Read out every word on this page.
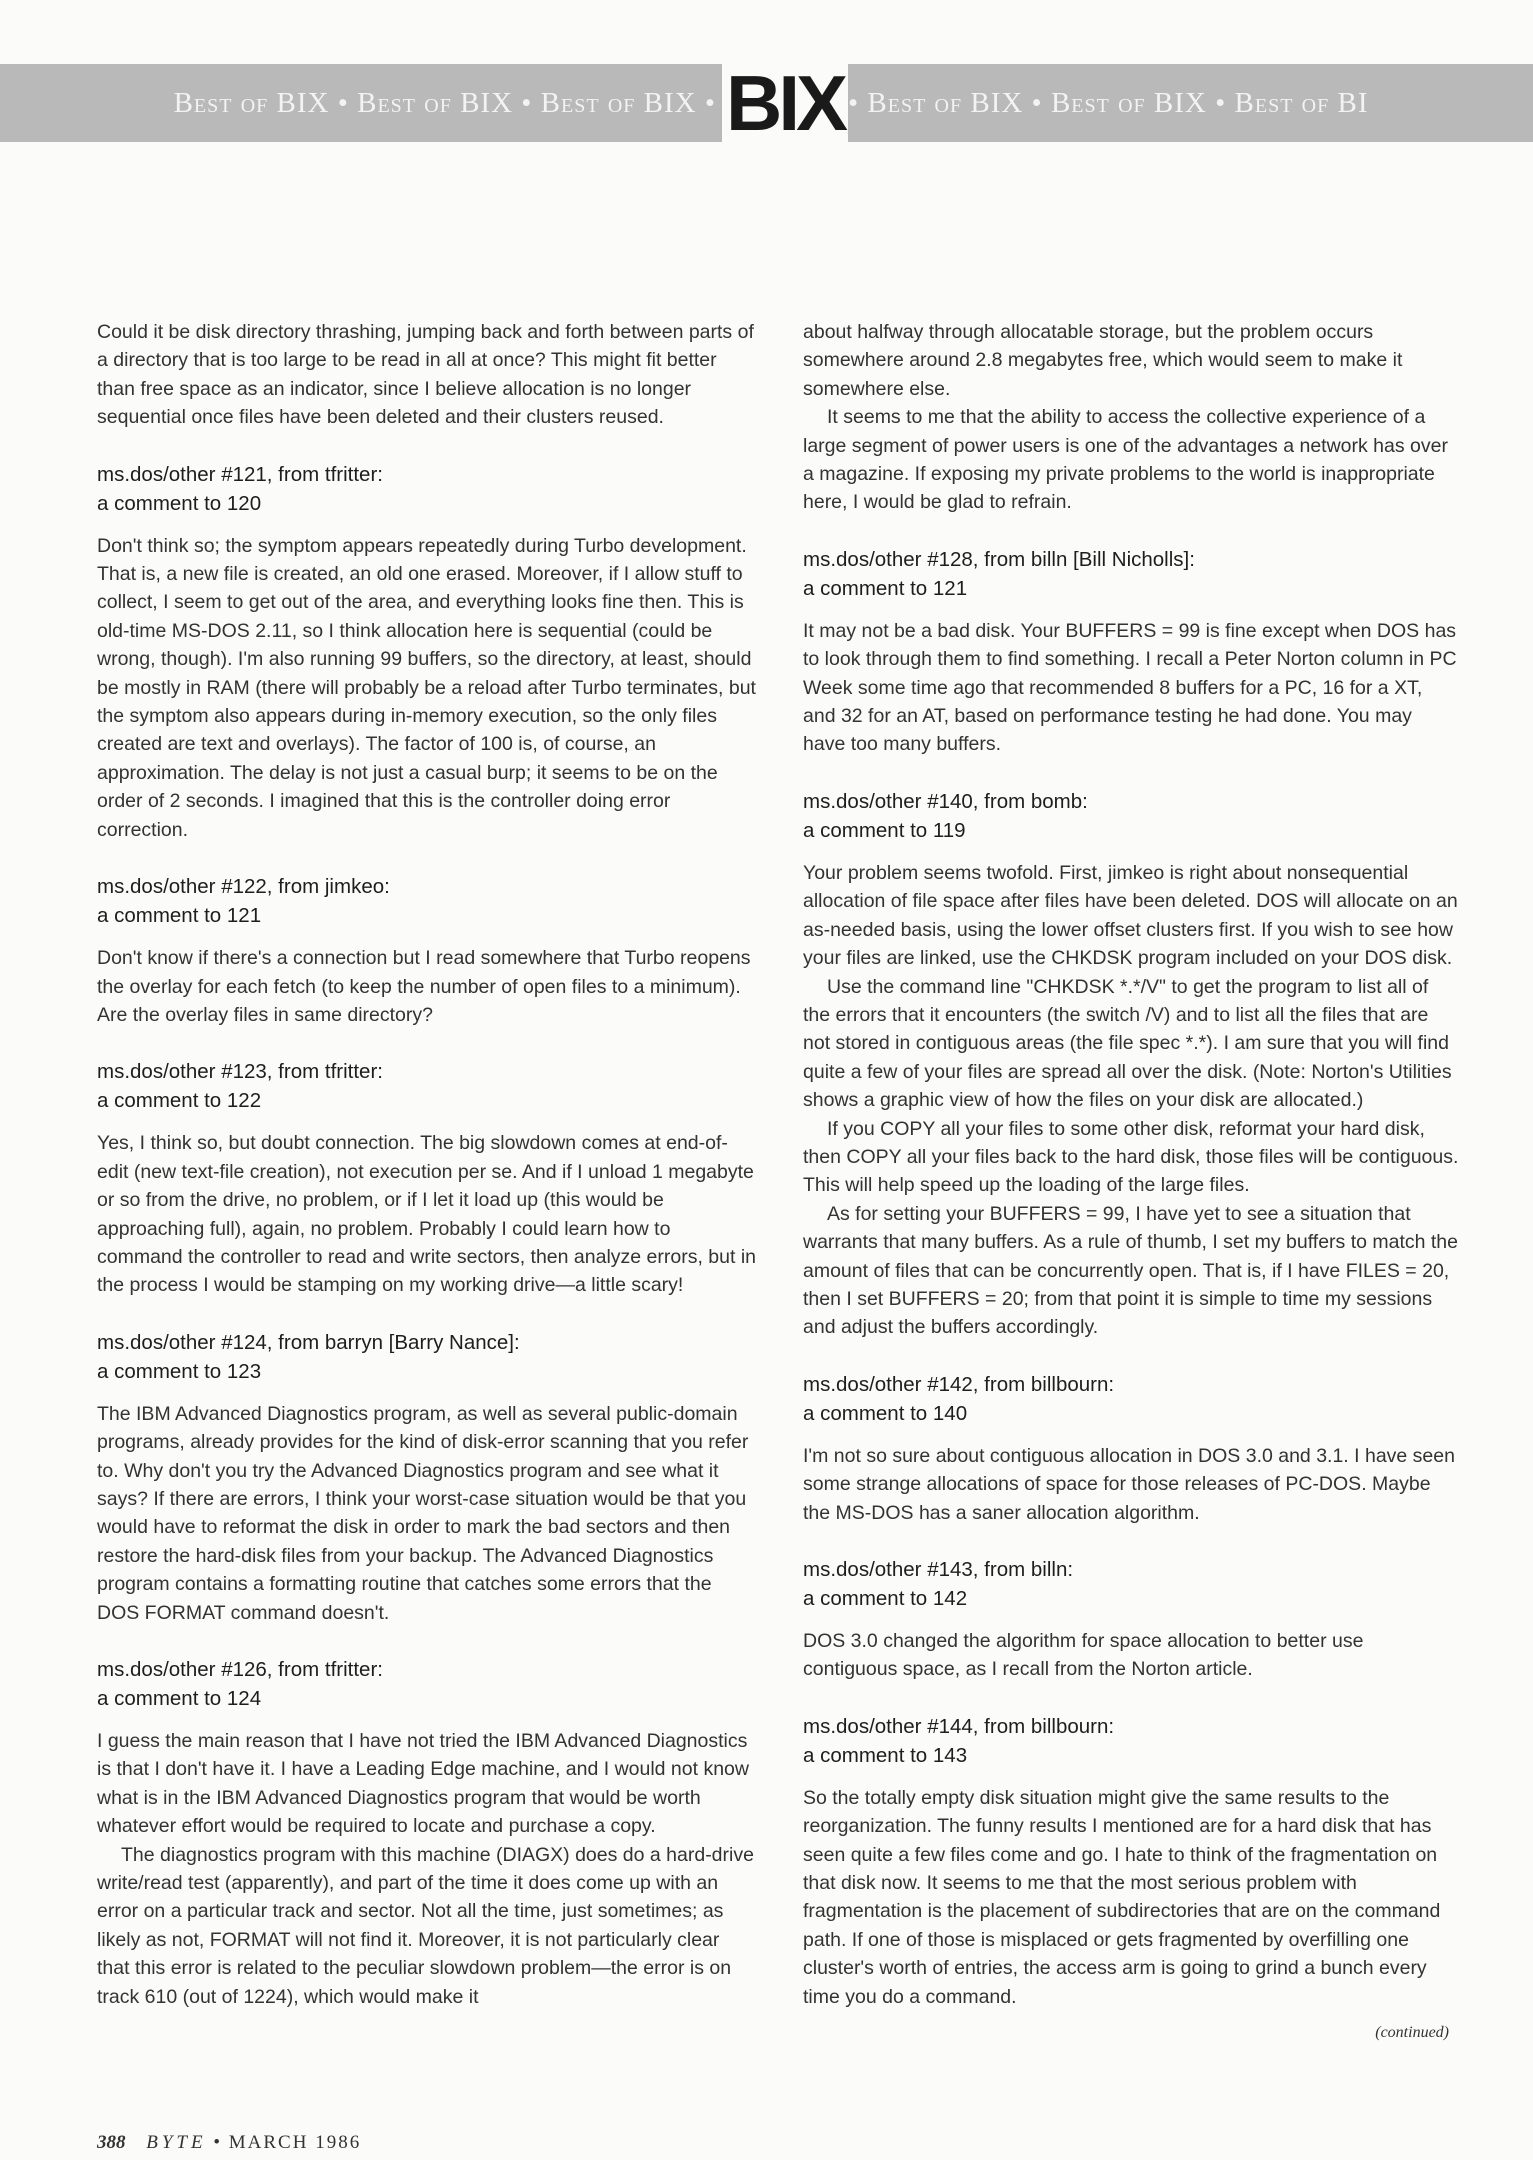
Best of BIX • Best of BIX • Best of BIX • BIX • Best of BIX • Best of BIX • Best of BI

Could it be disk directory thrashing, jumping back and forth between parts of a directory that is too large to be read in all at once? This might fit better than free space as an indicator, since I believe allocation is no longer sequential once files have been deleted and their clusters reused.

ms.dos/other #121, from tfritter:
a comment to 120

Don't think so; the symptom appears repeatedly during Turbo development. That is, a new file is created, an old one erased. Moreover, if I allow stuff to collect, I seem to get out of the area, and everything looks fine then. This is old-time MS-DOS 2.11, so I think allocation here is sequential (could be wrong, though). I'm also running 99 buffers, so the directory, at least, should be mostly in RAM (there will probably be a reload after Turbo terminates, but the symptom also appears during in-memory execution, so the only files created are text and overlays). The factor of 100 is, of course, an approximation. The delay is not just a casual burp; it seems to be on the order of 2 seconds. I imagined that this is the controller doing error correction.

ms.dos/other #122, from jimkeo:
a comment to 121

Don't know if there's a connection but I read somewhere that Turbo reopens the overlay for each fetch (to keep the number of open files to a minimum). Are the overlay files in same directory?

ms.dos/other #123, from tfritter:
a comment to 122

Yes, I think so, but doubt connection. The big slowdown comes at end-of-edit (new text-file creation), not execution per se. And if I unload 1 megabyte or so from the drive, no problem, or if I let it load up (this would be approaching full), again, no problem. Probably I could learn how to command the controller to read and write sectors, then analyze errors, but in the process I would be stamping on my working drive—a little scary!

ms.dos/other #124, from barryn [Barry Nance]:
a comment to 123

The IBM Advanced Diagnostics program, as well as several public-domain programs, already provides for the kind of disk-error scanning that you refer to. Why don't you try the Advanced Diagnostics program and see what it says? If there are errors, I think your worst-case situation would be that you would have to reformat the disk in order to mark the bad sectors and then restore the hard-disk files from your backup. The Advanced Diagnostics program contains a formatting routine that catches some errors that the DOS FORMAT command doesn't.

ms.dos/other #126, from tfritter:
a comment to 124

I guess the main reason that I have not tried the IBM Advanced Diagnostics is that I don't have it. I have a Leading Edge machine, and I would not know what is in the IBM Advanced Diagnostics program that would be worth whatever effort would be required to locate and purchase a copy.

The diagnostics program with this machine (DIAGX) does do a hard-drive write/read test (apparently), and part of the time it does come up with an error on a particular track and sector. Not all the time, just sometimes; as likely as not, FORMAT will not find it. Moreover, it is not particularly clear that this error is related to the peculiar slowdown problem—the error is on track 610 (out of 1224), which would make it

about halfway through allocatable storage, but the problem occurs somewhere around 2.8 megabytes free, which would seem to make it somewhere else.

It seems to me that the ability to access the collective experience of a large segment of power users is one of the advantages a network has over a magazine. If exposing my private problems to the world is inappropriate here, I would be glad to refrain.

ms.dos/other #128, from billn [Bill Nicholls]:
a comment to 121

It may not be a bad disk. Your BUFFERS = 99 is fine except when DOS has to look through them to find something. I recall a Peter Norton column in PC Week some time ago that recommended 8 buffers for a PC, 16 for a XT, and 32 for an AT, based on performance testing he had done. You may have too many buffers.

ms.dos/other #140, from bomb:
a comment to 119

Your problem seems twofold. First, jimkeo is right about nonsequential allocation of file space after files have been deleted. DOS will allocate on an as-needed basis, using the lower offset clusters first. If you wish to see how your files are linked, use the CHKDSK program included on your DOS disk.

Use the command line "CHKDSK *.*/V" to get the program to list all of the errors that it encounters (the switch /V) and to list all the files that are not stored in contiguous areas (the file spec *.*). I am sure that you will find quite a few of your files are spread all over the disk. (Note: Norton's Utilities shows a graphic view of how the files on your disk are allocated.)

If you COPY all your files to some other disk, reformat your hard disk, then COPY all your files back to the hard disk, those files will be contiguous. This will help speed up the loading of the large files.

As for setting your BUFFERS = 99, I have yet to see a situation that warrants that many buffers. As a rule of thumb, I set my buffers to match the amount of files that can be concurrently open. That is, if I have FILES = 20, then I set BUFFERS = 20; from that point it is simple to time my sessions and adjust the buffers accordingly.

ms.dos/other #142, from billbourn:
a comment to 140

I'm not so sure about contiguous allocation in DOS 3.0 and 3.1. I have seen some strange allocations of space for those releases of PC-DOS. Maybe the MS-DOS has a saner allocation algorithm.

ms.dos/other #143, from billn:
a comment to 142

DOS 3.0 changed the algorithm for space allocation to better use contiguous space, as I recall from the Norton article.

ms.dos/other #144, from billbourn:
a comment to 143

So the totally empty disk situation might give the same results to the reorganization. The funny results I mentioned are for a hard disk that has seen quite a few files come and go. I hate to think of the fragmentation on that disk now. It seems to me that the most serious problem with fragmentation is the placement of subdirectories that are on the command path. If one of those is misplaced or gets fragmented by overfilling one cluster's worth of entries, the access arm is going to grind a bunch every time you do a command.

(continued)
388 BYTE • MARCH 1986
